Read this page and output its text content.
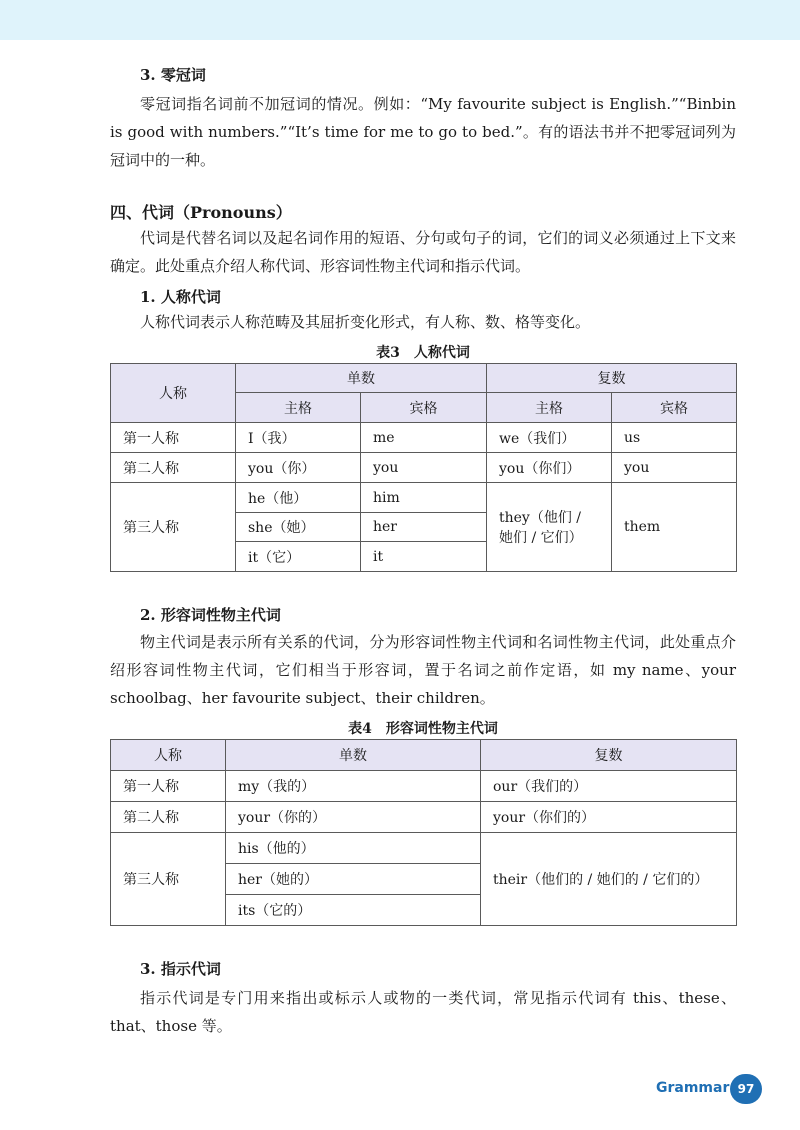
3. 零冠词

零冠词指名词前不加冠词的情况。例如：“My favourite subject is English.”“Binbin is good with numbers.”“It’s time for me to go to bed.”。有的语法书并不把零冠词列为冠词中的一种。

四、代词（Pronouns）

代词是代替名词以及起名词作用的短语、分句或句子的词，它们的词义必须通过上下文来确定。此处重点介绍人称代词、形容词性物主代词和指示代词。

1. 人称代词
人称代词表示人称范畴及其屈折变化形式，有人称、数、格等变化。
表3　人称代词
人称	单数		复数	
	主格	宾格	主格	宾格
第一人称	I（我）	me	we（我们）	us
第二人称	you（你）	you	you（你们）	you
第三人称	he（他）	him	they（他们 /
她们 / 它们）	them
	she（她）	her		
	it（它）	it		
2. 形容词性物主代词

物主代词是表示所有关系的代词，分为形容词性物主代词和名词性物主代词，此处重点介绍形容词性物主代词，它们相当于形容词，置于名词之前作定语，如 my name、your schoolbag、her favourite subject、their children。

表4　形容词性物主代词
人称	单数	复数
第一人称	my（我的）	our（我们的）
第二人称	your（你的）	your（你们的）
第三人称	his（他的）	their（他们的 / 她们的 / 它们的）
	her（她的）	
	its（它的）	
3. 指示代词

指示代词是专门用来指出或标示人或物的一类代词，常见指示代词有 this、these、that、those 等。

Grammar 97
